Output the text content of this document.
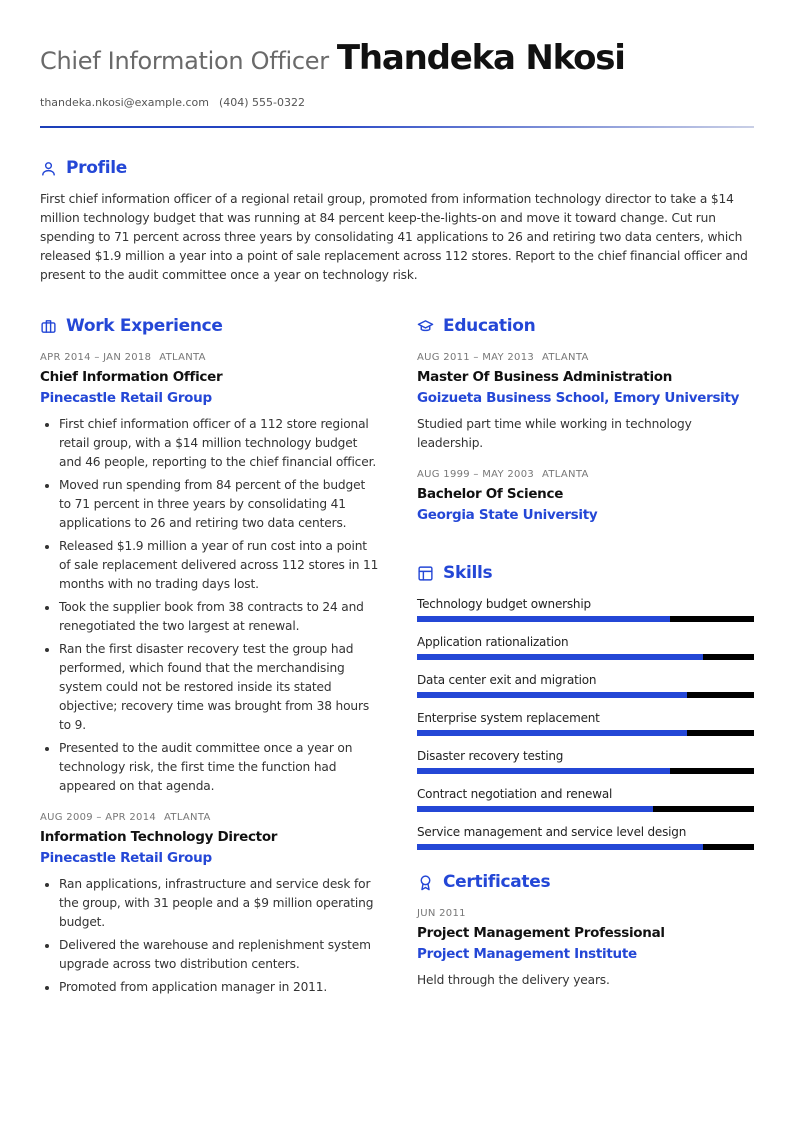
Chief Information Officer Thandeka Nkosi
thandeka.nkosi@example.com (404) 555-0322
Profile

First chief information officer of a regional retail group, promoted from information technology director to take a $14 million technology budget that was running at 84 percent keep-the-lights-on and move it toward change. Cut run spending to 71 percent across three years by consolidating 41 applications to 26 and retiring two data centers, which released $1.9 million a year into a point of sale replacement across 112 stores. Report to the chief financial officer and present to the audit committee once a year on technology risk.

Work Experience
APR 2014 – JAN 2018 ATLANTA
Chief Information Officer
Pinecastle Retail Group
• First chief information officer of a 112 store regional retail group, with a $14 million technology budget and 46 people, reporting to the chief financial officer.
• Moved run spending from 84 percent of the budget to 71 percent in three years by consolidating 41 applications to 26 and retiring two data centers.
• Released $1.9 million a year of run cost into a point of sale replacement delivered across 112 stores in 11 months with no trading days lost.
• Took the supplier book from 38 contracts to 24 and renegotiated the two largest at renewal.
• Ran the first disaster recovery test the group had performed, which found that the merchandising system could not be restored inside its stated objective; recovery time was brought from 38 hours to 9.
• Presented to the audit committee once a year on technology risk, the first time the function had appeared on that agenda.
AUG 2009 – APR 2014 ATLANTA
Information Technology Director
Pinecastle Retail Group
• Ran applications, infrastructure and service desk for the group, with 31 people and a $9 million operating budget.
• Delivered the warehouse and replenishment system upgrade across two distribution centers.
• Promoted from application manager in 2011.
Education
AUG 2011 – MAY 2013 ATLANTA
Master Of Business Administration
Goizueta Business School, Emory University
Studied part time while working in technology leadership.
AUG 1999 – MAY 2003 ATLANTA
Bachelor Of Science
Georgia State University
Skills
Technology budget ownership
Application rationalization
Data center exit and migration
Enterprise system replacement
Disaster recovery testing
Contract negotiation and renewal
Service management and service level design
Certificates
JUN 2011
Project Management Professional
Project Management Institute
Held through the delivery years.
